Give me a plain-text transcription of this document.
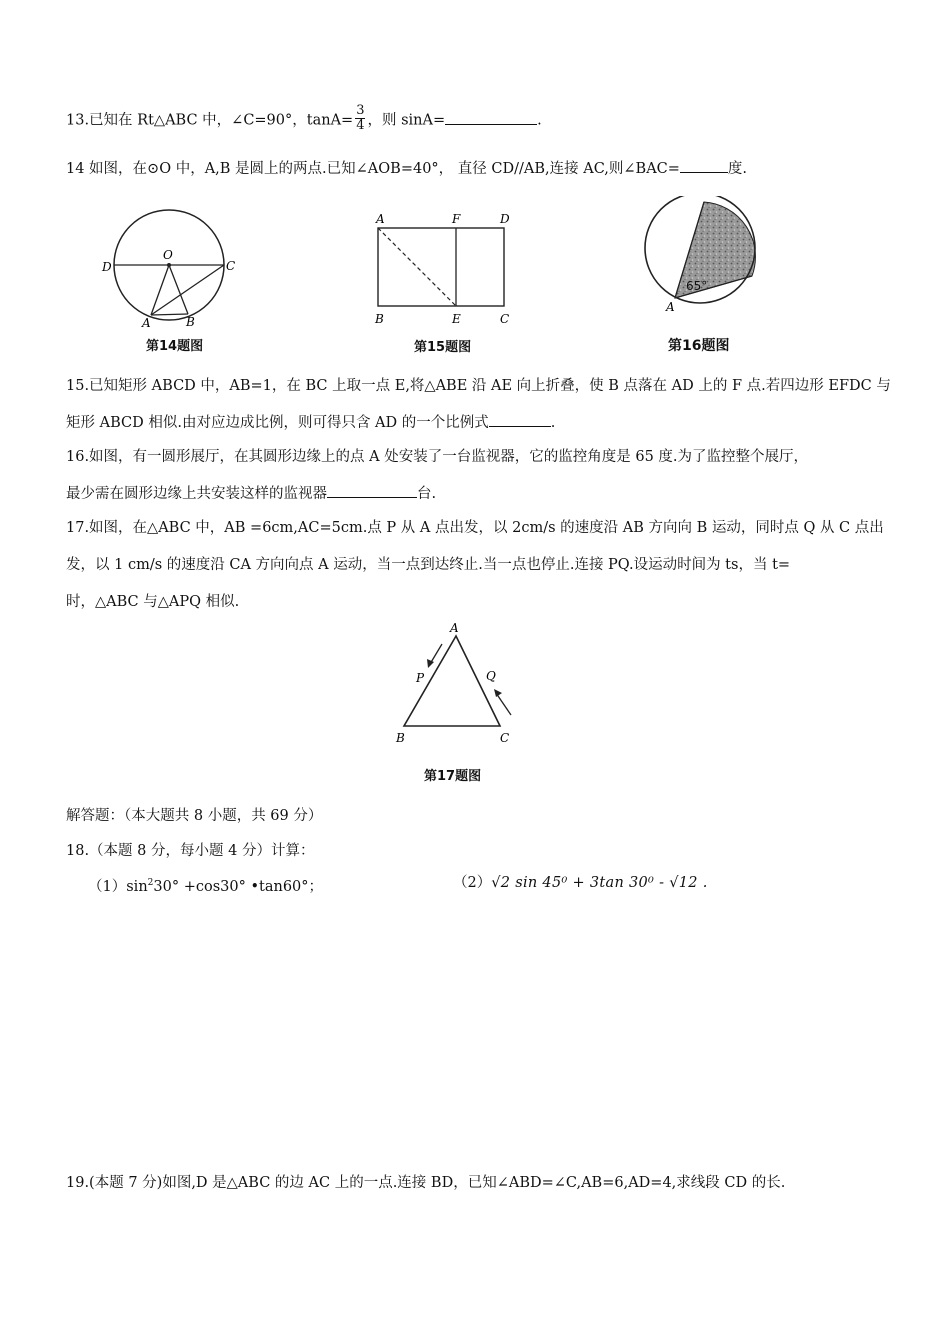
13.已知在 Rt△ABC 中，∠C=90°，$\tan A= \frac{3}{4}$ ，则 sinA=	.
14 如图，在⊙O 中，A,B 是圆上的两点.已知∠AOB=40°， 直径 CD//AB,连接 AC,则∠BAC=	度.
D
O
C
A	B
第14题图
A	F	D
B	E	C
第15题图
65°
A
第16题图
15.已知矩形 ABCD 中，AB=1，在 BC 上取一点 E,将△ABE 沿 AE 向上折叠，使 B 点落在 AD 上的 F 点.若四边形 EFDC 与
矩形 ABCD 相似.由对应边成比例，则可得只含 AD 的一个比例式	.
16.如图，有一圆形展厅，在其圆形边缘上的点 A 处安装了一台监视器，它的监控角度是 65 度.为了监控整个展厅，
最少需在圆形边缘上共安装这样的监视器	台.
17.如图，在△ABC 中，AB =6cm,AC=5cm.点 P 从 A 点出发，以 2cm/s 的速度沿 AB 方向向 B 运动，同时点 Q 从 C 点出
发，以 1 cm/s 的速度沿 CA 方向向点 A 运动，当一点到达终止.当一点也停止.连接 PQ.设运动时间为 ts，当 t=
时，△ABC 与△APQ 相似.
A
P	Q
B	C
第17题图
解答题：（本大题共 8 小题，共 69 分）
18.（本题 8 分，每小题 4 分）计算：
$(1)\sin^230^\circ +\cos 30^\circ$ •tan60°；	（2）√2 sin 45⁰ + 3tan 30⁰ - √12 .
19.(本题 7 分)如图,D 是△ABC 的边 AC 上的一点.连接 BD，已知∠ABD=∠C,AB=6,AD=4,求线段 CD 的长.
